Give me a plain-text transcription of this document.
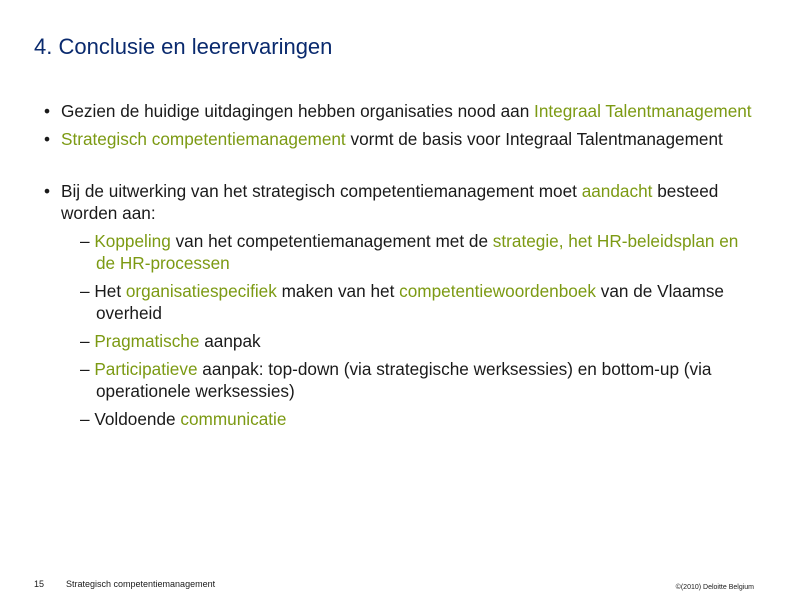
4. Conclusie en leerervaringen
• Gezien de huidige uitdagingen hebben organisaties nood aan Integraal Talentmanagement
• Strategisch competentiemanagement vormt de basis voor Integraal Talentmanagement
• Bij de uitwerking van het strategisch competentiemanagement moet aandacht besteed worden aan:
– Koppeling van het competentiemanagement met de strategie, het HR-beleidsplan en de HR-processen
– Het organisatiespecifiek maken van het competentiewoordenboek van de Vlaamse overheid
– Pragmatische aanpak
– Participatieve aanpak: top-down (via strategische werksessies) en bottom-up (via operationele werksessies)
– Voldoende communicatie
15 Strategisch competentiemanagement	©(2010) Deloitte Belgium
